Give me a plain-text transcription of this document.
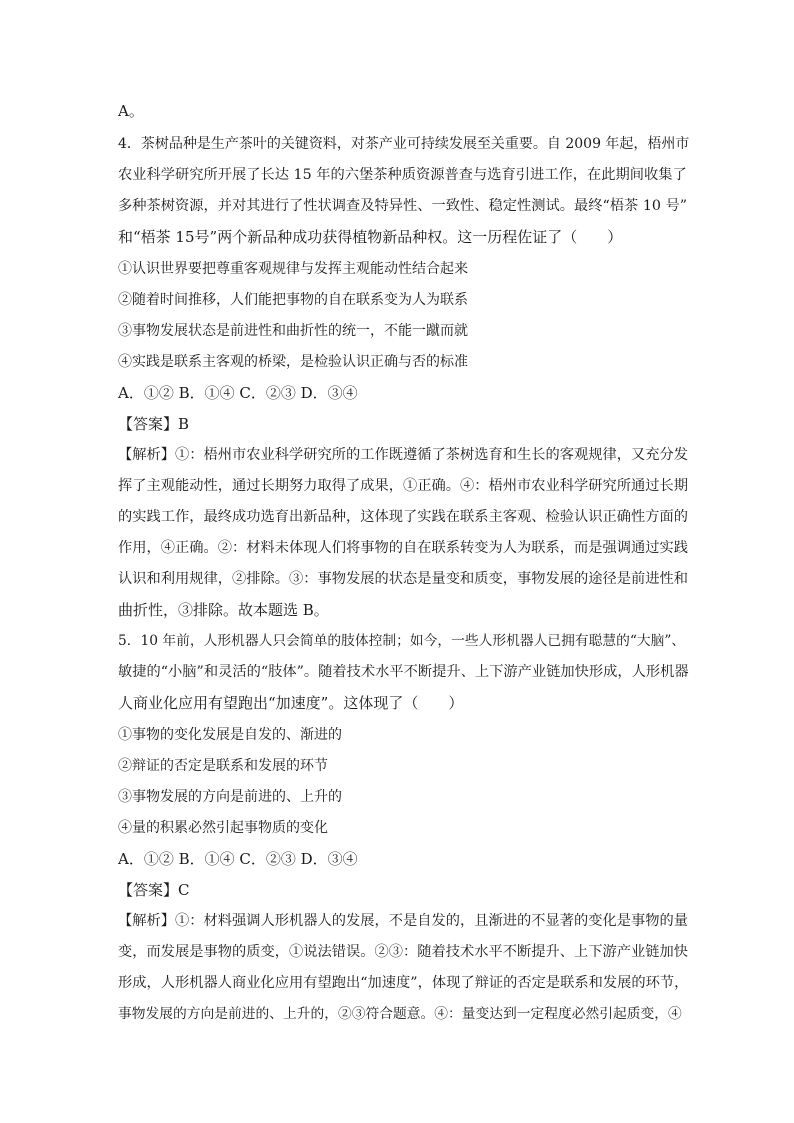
A。

4．茶树品种是生产茶叶的关键资料，对茶产业可持续发展至关重要。自 2009 年起，梧州市

农业科学研究所开展了长达 15 年的六堡茶种质资源普查与选育引进工作，在此期间收集了

多种茶树资源，并对其进行了性状调查及特异性、一致性、稳定性测试。最终“梧茶 10 号”

和“梧茶 15号”两个新品种成功获得植物新品种权。这一历程佐证了（　　）

①认识世界要把尊重客观规律与发挥主观能动性结合起来

②随着时间推移，人们能把事物的自在联系变为人为联系

③事物发展状态是前进性和曲折性的统一，不能一蹴而就

④实践是联系主客观的桥梁，是检验认识正确与否的标准

A．①② B．①④ C．②③ D．③④

【答案】B

【解析】①：梧州市农业科学研究所的工作既遵循了茶树选育和生长的客观规律，又充分发

挥了主观能动性，通过长期努力取得了成果，①正确。④：梧州市农业科学研究所通过长期

的实践工作，最终成功选育出新品种，这体现了实践在联系主客观、检验认识正确性方面的

作用，④正确。②：材料未体现人们将事物的自在联系转变为人为联系，而是强调通过实践

认识和利用规律，②排除。③：事物发展的状态是量变和质变，事物发展的途径是前进性和

曲折性，③排除。故本题选 B。

5．10 年前，人形机器人只会简单的肢体控制；如今，一些人形机器人已拥有聪慧的“大脑”、

敏捷的“小脑”和灵活的“肢体”。随着技术水平不断提升、上下游产业链加快形成，人形机器

人商业化应用有望跑出“加速度”。这体现了（　　）

①事物的变化发展是自发的、渐进的

②辩证的否定是联系和发展的环节

③事物发展的方向是前进的、上升的

④量的积累必然引起事物质的变化

A．①② B．①④ C．②③ D．③④

【答案】C

【解析】①：材料强调人形机器人的发展，不是自发的，且渐进的不显著的变化是事物的量

变，而发展是事物的质变，①说法错误。②③：随着技术水平不断提升、上下游产业链加快

形成，人形机器人商业化应用有望跑出“加速度”，体现了辩证的否定是联系和发展的环节，

事物发展的方向是前进的、上升的，②③符合题意。④：量变达到一定程度必然引起质变，④
